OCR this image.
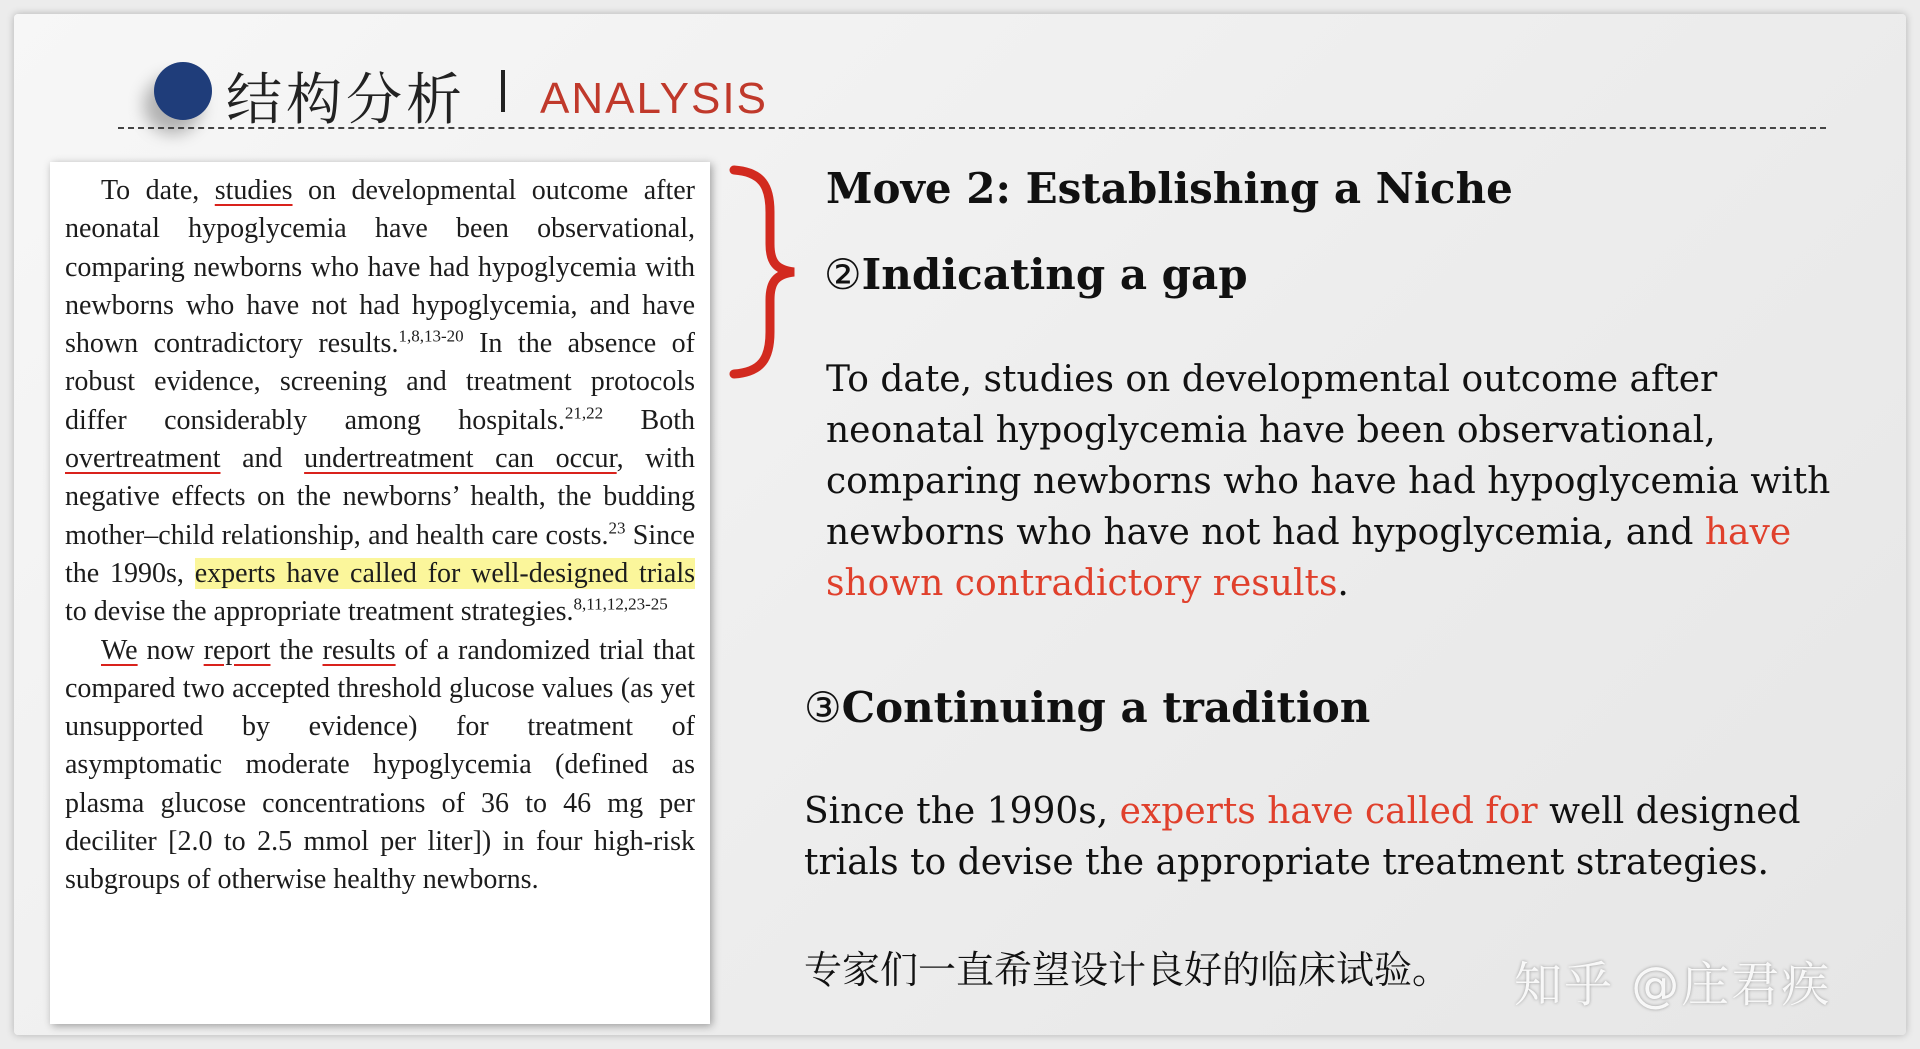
结构分析 ANALYSIS

To date, studies on developmental outcome after neonatal hypoglycemia have been observational, comparing newborns who have had hypoglycemia with newborns who have not had hypoglycemia, and have shown contradictory results.$^{1,8,13-20}$ In the absence of robust evidence, screening and treatment protocols differ considerably among hospitals.$^{21,22}$ Both overtreatment and undertreatment can occur, with negative effects on the newborns’ health, the budding mother–child relationship, and health care costs.$^{23}$ Since the 1990s, experts have called for well-designed trials to devise the appropriate treatment strategies.$^{8,11,12,23-25}$

We now report the results of a randomized trial that compared two accepted threshold glucose values (as yet unsupported by evidence) for treatment of asymptomatic moderate hypoglycemia (defined as plasma glucose concentrations of 36 to 46 mg per deciliter [2.0 to 2.5 mmol per liter]) in four high-risk subgroups of otherwise healthy newborns.

Move 2: Establishing a Niche
②Indicating a gap

To date, studies on developmental outcome after neonatal hypoglycemia have been observational, comparing newborns who have had hypoglycemia with newborns who have not had hypoglycemia, and have shown contradictory results.

③Continuing a tradition

Since the 1990s, experts have called for well designed trials to devise the appropriate treatment strategies.

专家们一直希望设计良好的临床试验。 知乎 @庄君疾
